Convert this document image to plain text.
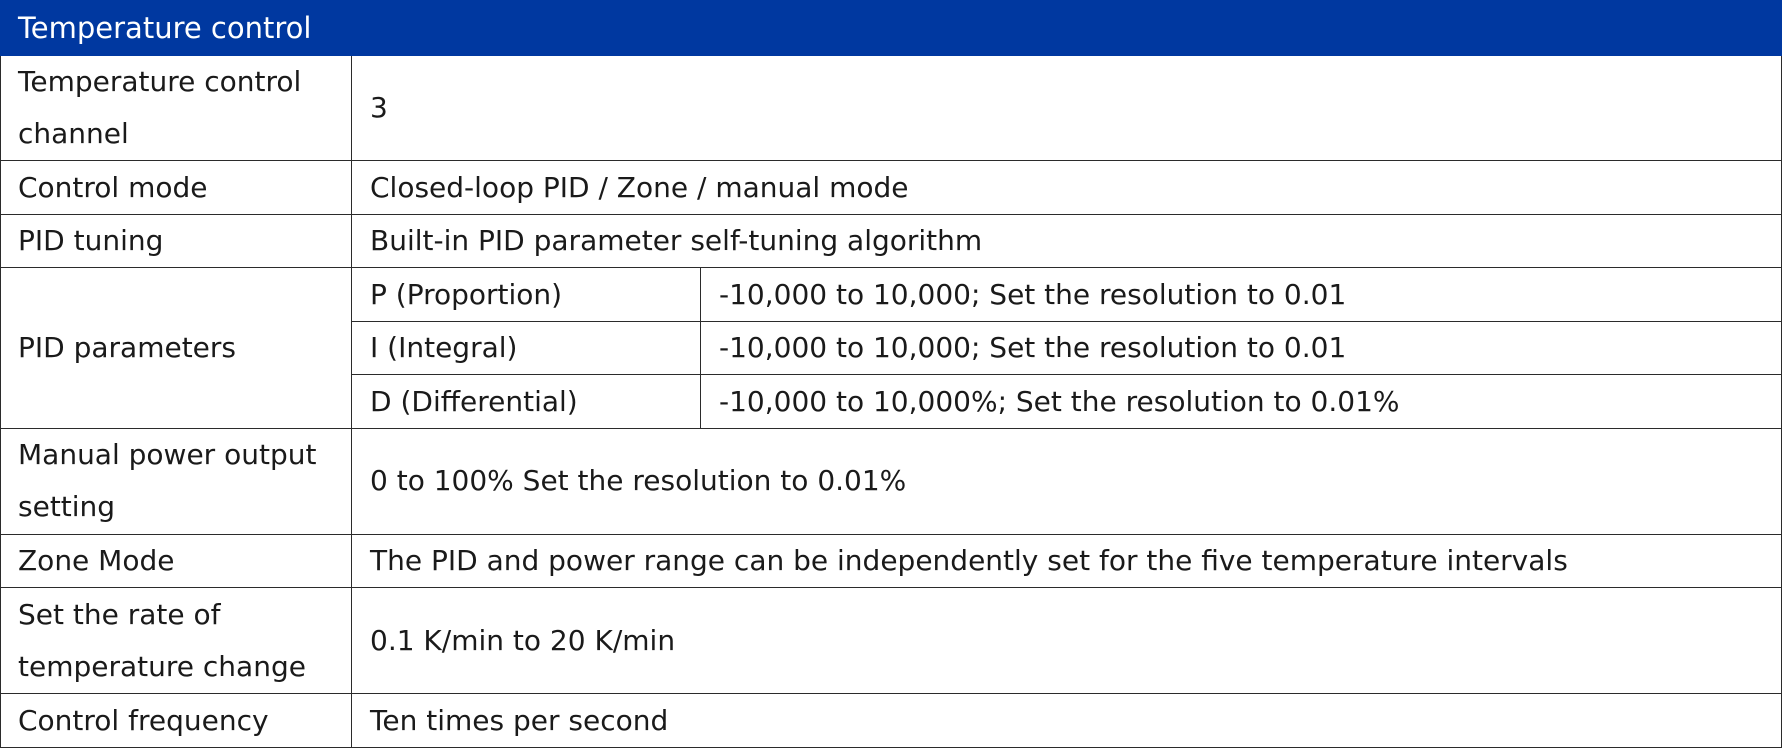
Temperature control		
Temperature control channel	3	
Control mode	Closed-loop PID / Zone / manual mode	
PID tuning	Built-in PID parameter self-tuning algorithm	
PID parameters	P (Proportion)	-10,000 to 10,000; Set the resolution to 0.01
	I (Integral)	-10,000 to 10,000; Set the resolution to 0.01
	D (Differential)	-10,000 to 10,000%; Set the resolution to 0.01%
Manual power output setting	0 to 100% Set the resolution to 0.01%	
Zone Mode	The PID and power range can be independently set for the five temperature intervals	
Set the rate of temperature change	0.1 K/min to 20 K/min	
Control frequency	Ten times per second	
